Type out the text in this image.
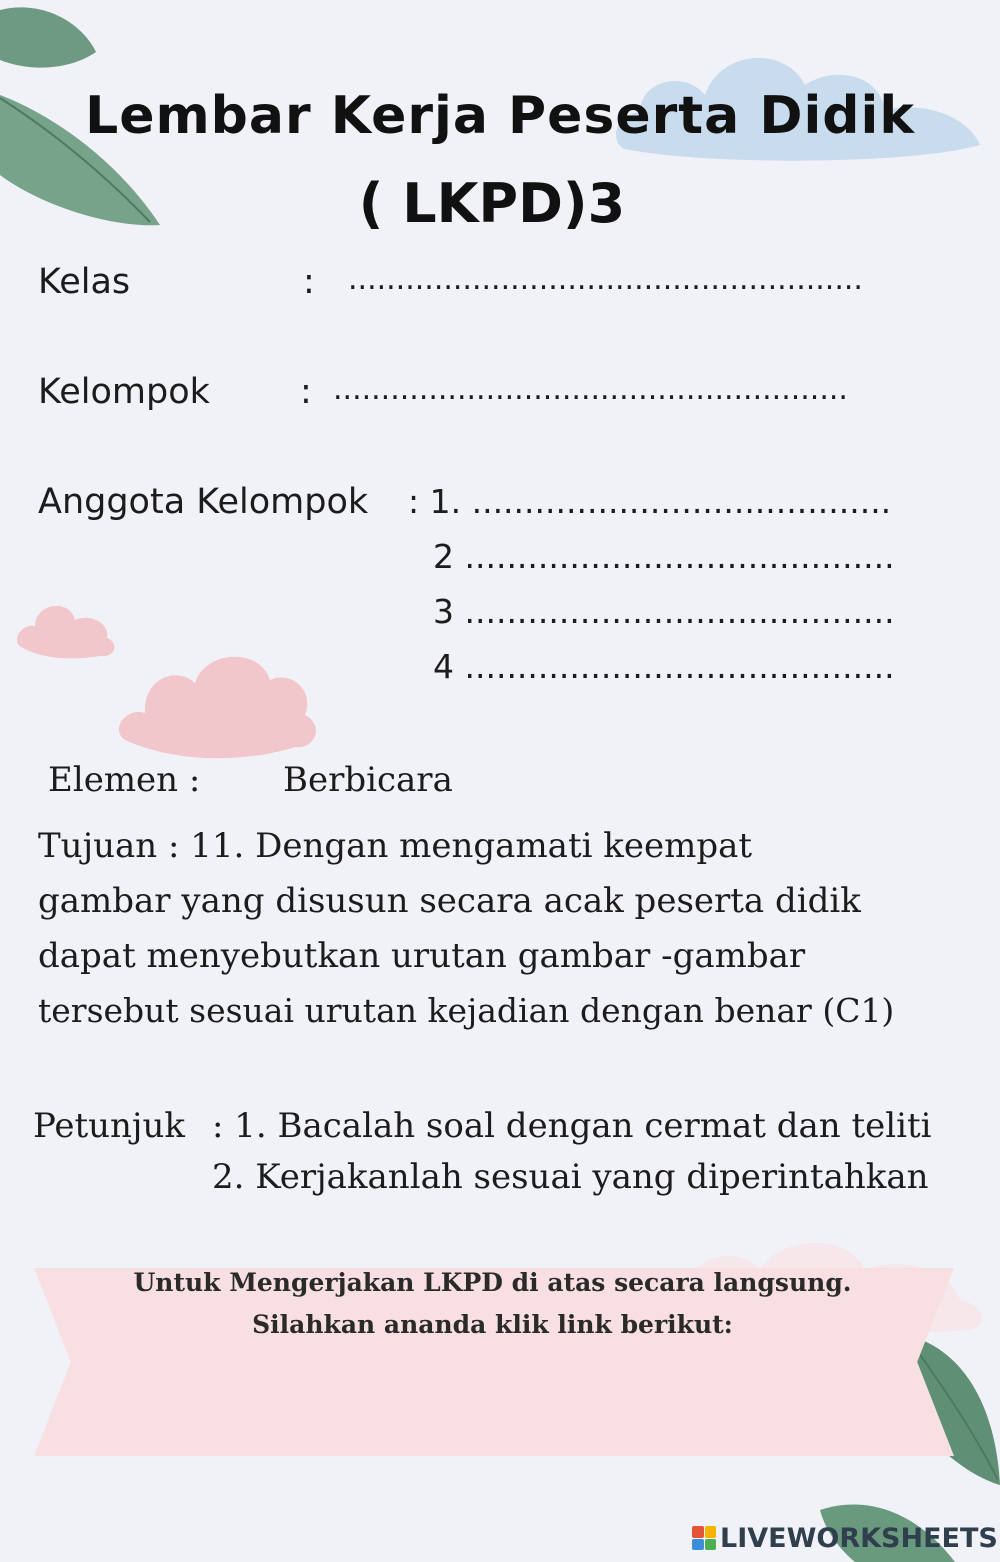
Lembar Kerja Peserta Didik
( LKPD)3
Kelas	: ......................................................
Kelompok	: ......................................................
Anggota Kelompok : 1. ........................................
2 .........................................
3 .........................................
4 .........................................
Elemen : Berbicara
Tujuan : 11. Dengan mengamati keempat
gambar yang disusun secara acak peserta didik
dapat menyebutkan urutan gambar -gambar
tersebut sesuai urutan kejadian dengan benar (C1)
Petunjuk : 1. Bacalah soal dengan cermat dan teliti
2. Kerjakanlah sesuai yang diperintahkan
Untuk Mengerjakan LKPD di atas secara langsung.
Silahkan ananda klik link berikut:
LIVEWORKSHEETS
